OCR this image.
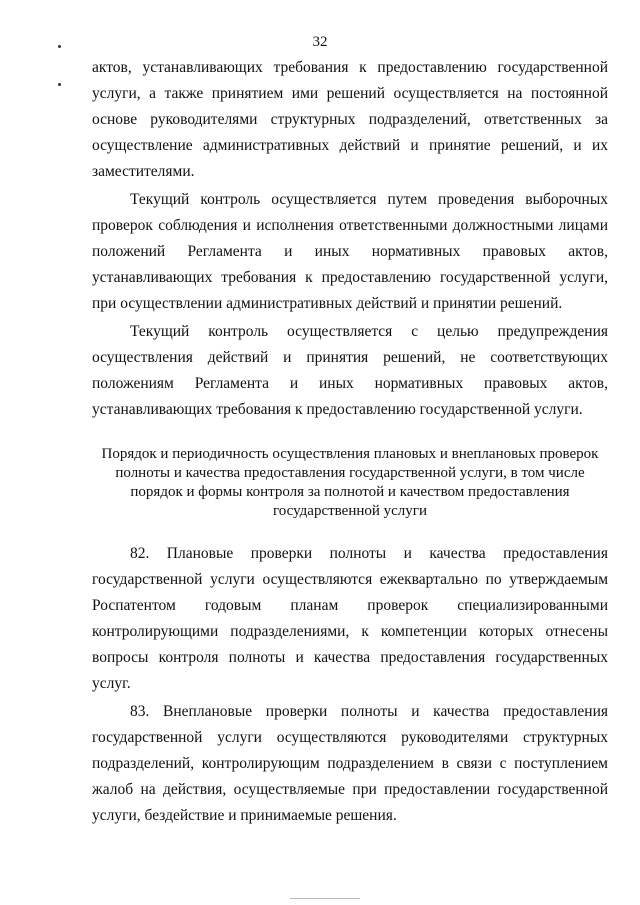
32

актов, устанавливающих требования к предоставлению государственной услуги, а также принятием ими решений осуществляется на постоянной основе руководителями структурных подразделений, ответственных за осуществление административных действий и принятие решений, и их заместителями.

Текущий контроль осуществляется путем проведения выборочных проверок соблюдения и исполнения ответственными должностными лицами положений Регламента и иных нормативных правовых актов, устанавливающих требования к предоставлению государственной услуги, при осуществлении административных действий и принятии решений.

Текущий контроль осуществляется с целью предупреждения осуществления действий и принятия решений, не соответствующих положениям Регламента и иных нормативных правовых актов, устанавливающих требования к предоставлению государственной услуги.

Порядок и периодичность осуществления плановых и внеплановых проверок полноты и качества предоставления государственной услуги, в том числе порядок и формы контроля за полнотой и качеством предоставления государственной услуги

82. Плановые проверки полноты и качества предоставления государственной услуги осуществляются ежеквартально по утверждаемым Роспатентом годовым планам проверок специализированными контролирующими подразделениями, к компетенции которых отнесены вопросы контроля полноты и качества предоставления государственных услуг.

83. Внеплановые проверки полноты и качества предоставления государственной услуги осуществляются руководителями структурных подразделений, контролирующим подразделением в связи с поступлением жалоб на действия, осуществляемые при предоставлении государственной услуги, бездействие и принимаемые решения.
